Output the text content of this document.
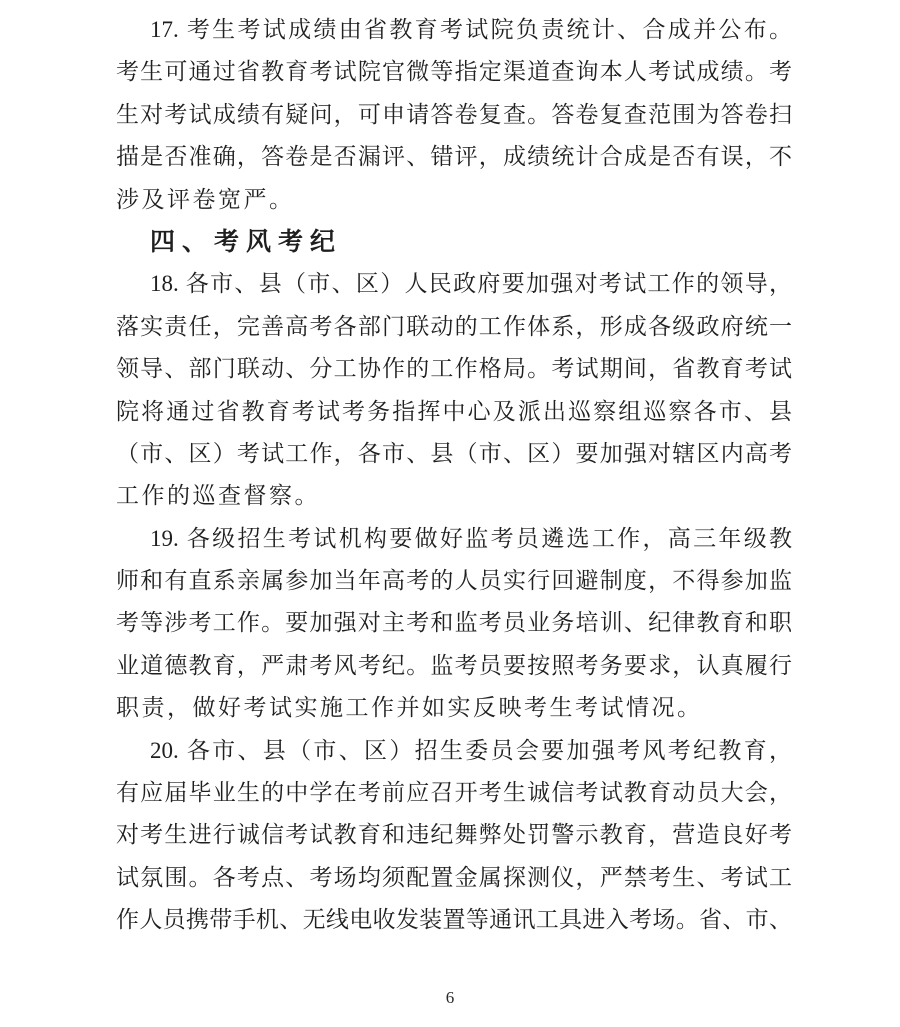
17. 考生考试成绩由省教育考试院负责统计、合成并公布。
考生可通过省教育考试院官微等指定渠道查询本人考试成绩。考
生对考试成绩有疑问，可申请答卷复查。答卷复查范围为答卷扫
描是否准确，答卷是否漏评、错评，成绩统计合成是否有误，不
涉及评卷宽严。
四、考风考纪
18. 各市、县（市、区）人民政府要加强对考试工作的领导，
落实责任，完善高考各部门联动的工作体系，形成各级政府统一
领导、部门联动、分工协作的工作格局。考试期间，省教育考试
院将通过省教育考试考务指挥中心及派出巡察组巡察各市、县
（市、区）考试工作，各市、县（市、区）要加强对辖区内高考
工作的巡查督察。
19. 各级招生考试机构要做好监考员遴选工作，高三年级教
师和有直系亲属参加当年高考的人员实行回避制度，不得参加监
考等涉考工作。要加强对主考和监考员业务培训、纪律教育和职
业道德教育，严肃考风考纪。监考员要按照考务要求，认真履行
职责，做好考试实施工作并如实反映考生考试情况。
20. 各市、县（市、区）招生委员会要加强考风考纪教育，
有应届毕业生的中学在考前应召开考生诚信考试教育动员大会，
对考生进行诚信考试教育和违纪舞弊处罚警示教育，营造良好考
试氛围。各考点、考场均须配置金属探测仪，严禁考生、考试工
作人员携带手机、无线电收发装置等通讯工具进入考场。省、市、
6
